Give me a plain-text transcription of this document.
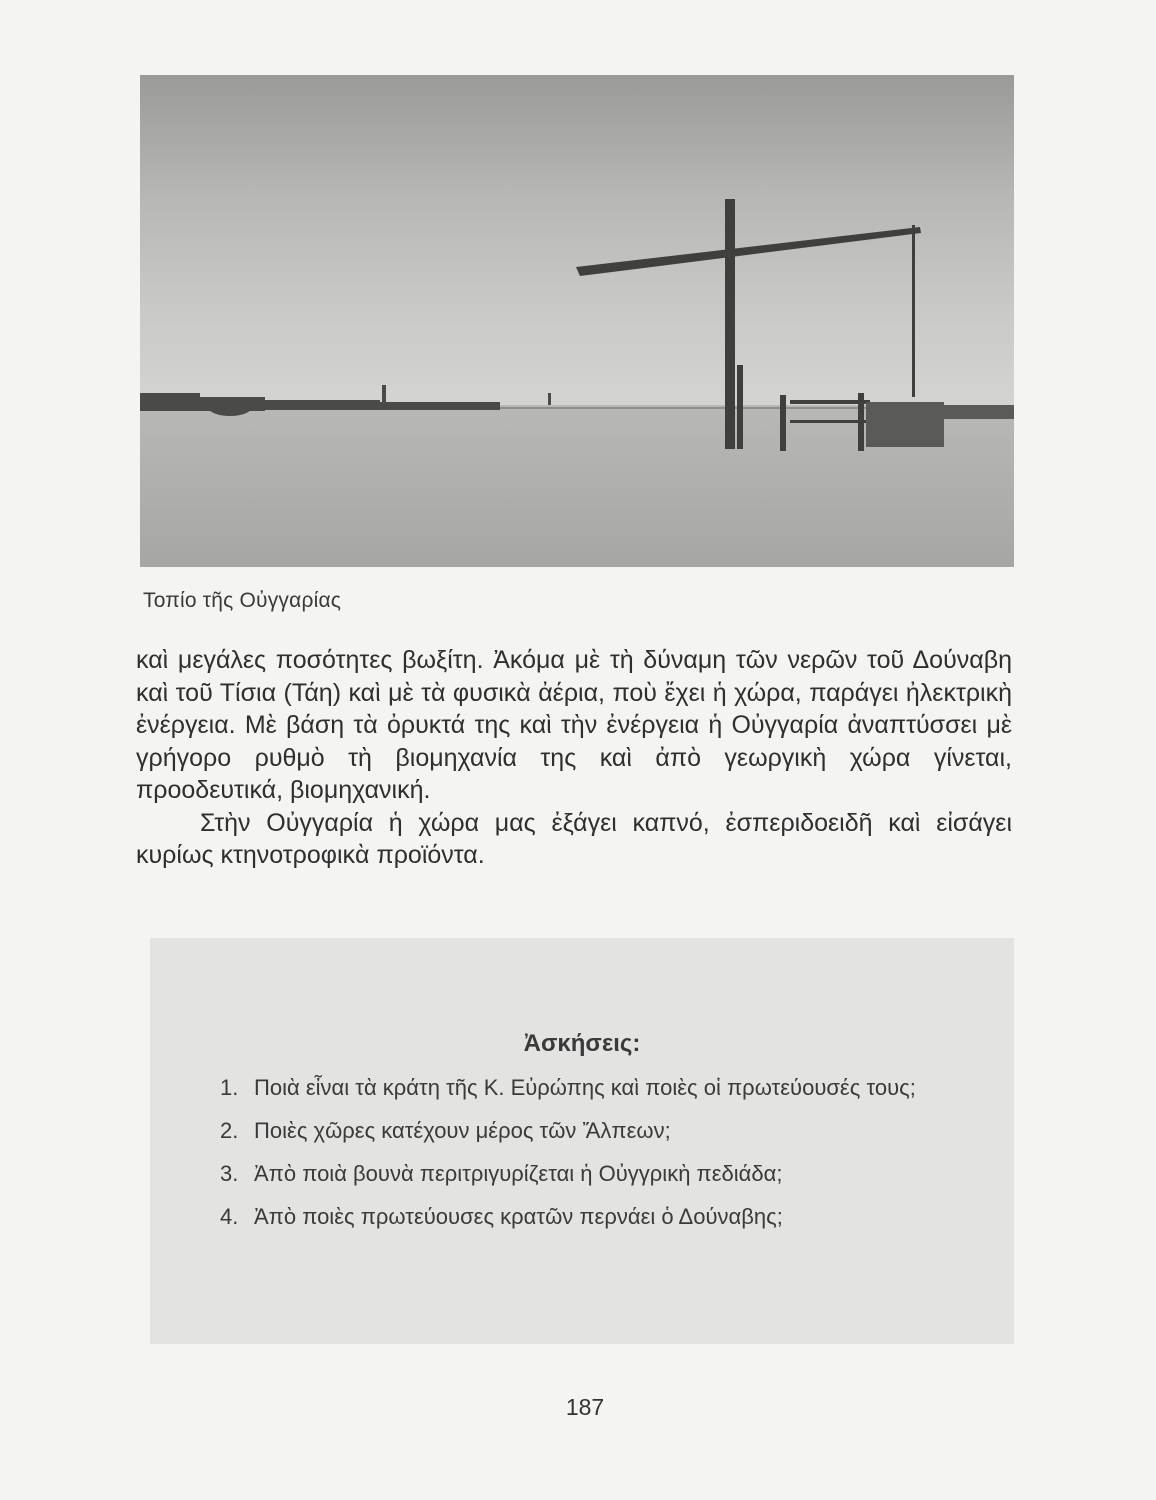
Τοπίο τῆς Οὐγγαρίας

καὶ μεγάλες ποσότητες βωξίτη. Ἀκόμα μὲ τὴ δύναμη τῶν νερῶν τοῦ Δούναβη καὶ τοῦ Τίσια (Τάη) καὶ μὲ τὰ φυσικὰ ἀέρια, ποὺ ἔχει ἡ χώρα, παράγει ἠλεκτρικὴ ἐνέργεια. Μὲ βάση τὰ ὀρυκτά της καὶ τὴν ἐνέργεια ἡ Οὐγγαρία ἀναπτύσσει μὲ γρήγορο ρυθμὸ τὴ βιομηχανία της καὶ ἀπὸ γεωργικὴ χώρα γίνεται, προοδευτικά, βιομηχανική.

Στὴν Οὐγγαρία ἡ χώρα μας ἐξάγει καπνό, ἐσπεριδοειδῆ καὶ εἰσάγει κυρίως κτηνοτροφικὰ προϊόντα.

Ἀσκήσεις:
1. Ποιὰ εἶναι τὰ κράτη τῆς Κ. Εὐρώπης καὶ ποιὲς οἱ πρωτεύουσές τους;
2. Ποιὲς χῶρες κατέχουν μέρος τῶν Ἄλπεων;
3. Ἀπὸ ποιὰ βουνὰ περιτριγυρίζεται ἡ Οὐγγρικὴ πεδιάδα;
4. Ἀπὸ ποιὲς πρωτεύουσες κρατῶν περνάει ὁ Δούναβης;
187
